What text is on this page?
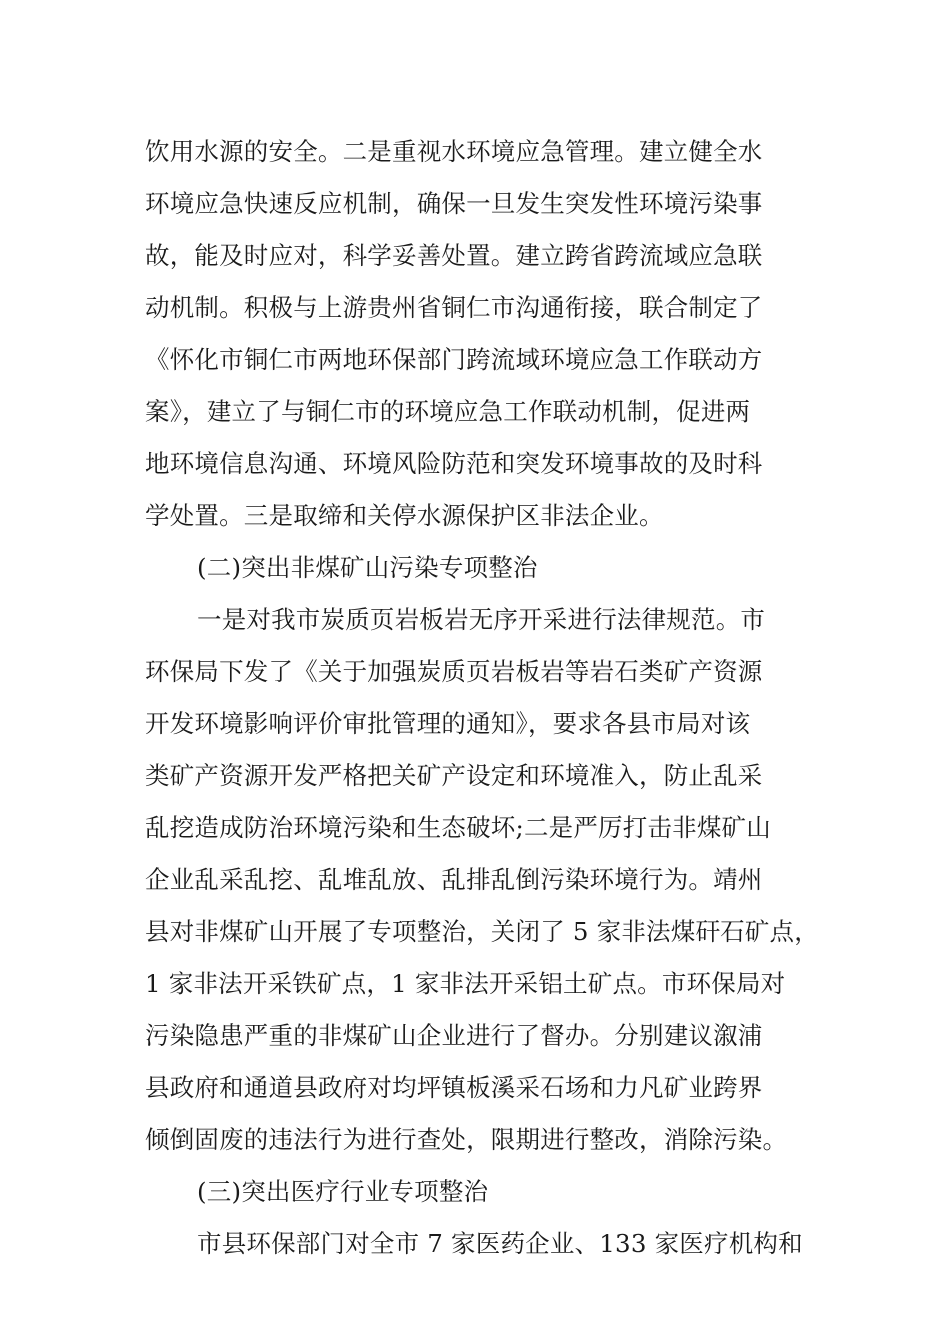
饮用水源的安全。二是重视水环境应急管理。建立健全水
环境应急快速反应机制，确保一旦发生突发性环境污染事
故，能及时应对，科学妥善处置。建立跨省跨流域应急联
动机制。积极与上游贵州省铜仁市沟通衔接，联合制定了
《怀化市铜仁市两地环保部门跨流域环境应急工作联动方
案》，建立了与铜仁市的环境应急工作联动机制，促进两
地环境信息沟通、环境风险防范和突发环境事故的及时科
学处置。三是取缔和关停水源保护区非法企业。
(二)突出非煤矿山污染专项整治
一是对我市炭质页岩板岩无序开采进行法律规范。市
环保局下发了《关于加强炭质页岩板岩等岩石类矿产资源
开发环境影响评价审批管理的通知》，要求各县市局对该
类矿产资源开发严格把关矿产设定和环境准入，防止乱采
乱挖造成防治环境污染和生态破坏;二是严厉打击非煤矿山
企业乱采乱挖、乱堆乱放、乱排乱倒污染环境行为。靖州
县对非煤矿山开展了专项整治，关闭了 5 家非法煤矸石矿点，
1 家非法开采铁矿点，1 家非法开采铝土矿点。市环保局对
污染隐患严重的非煤矿山企业进行了督办。分别建议溆浦
县政府和通道县政府对均坪镇板溪采石场和力凡矿业跨界
倾倒固废的违法行为进行查处，限期进行整改，消除污染。
(三)突出医疗行业专项整治
市县环保部门对全市 7 家医药企业、133 家医疗机构和
